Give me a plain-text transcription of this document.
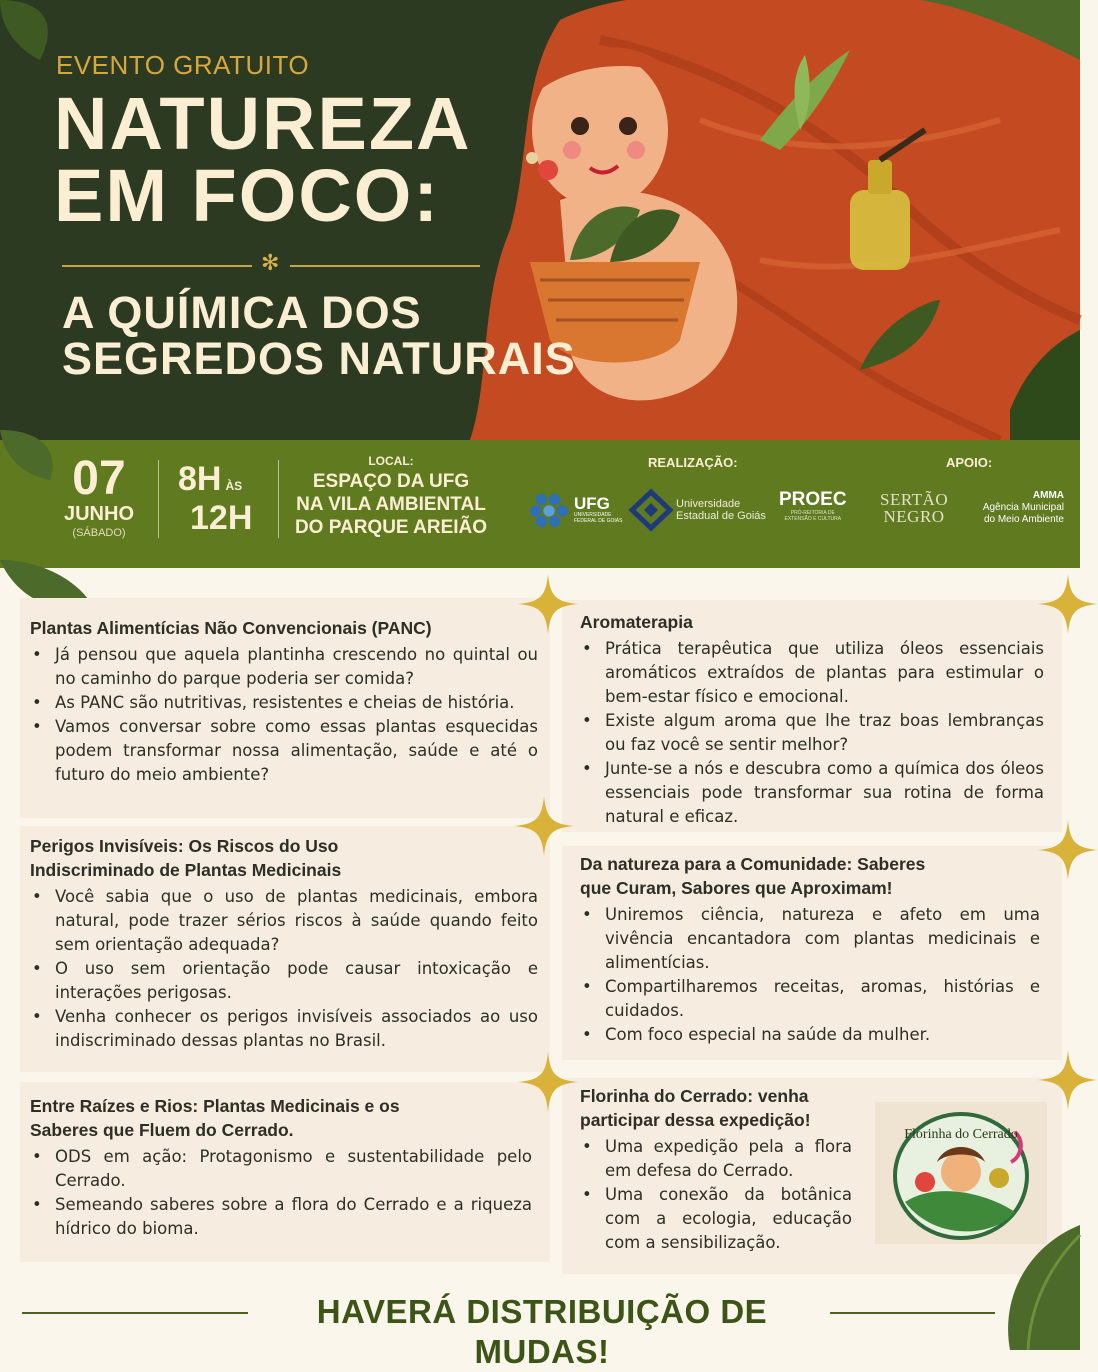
EVENTO GRATUITO
NATUREZA
EM FOCO:
✻
A QUÍMICA DOS
SEGREDOS NATURAIS
07
JUNHO
(SÁBADO)
8H ÀS
12H
LOCAL:
ESPAÇO DA UFG
NA VILA AMBIENTAL
DO PARQUE AREIÃO
REALIZAÇÃO:	APOIO:
UFG
UNIVERSIDADE
FEDERAL DE GOIÁS
Universidade
Estadual de Goiás
PROEC
PRÓ-REITORIA DE
EXTENSÃO E CULTURA
SERTÃO
NEGRO
AMMA
Agência Municipal
do Meio Ambiente
Plantas Alimentícias Não Convencionais (PANC)
• Já pensou que aquela plantinha crescendo no quintal ou no caminho do parque poderia ser comida?
• As PANC são nutritivas, resistentes e cheias de história.
• Vamos conversar sobre como essas plantas esquecidas podem transformar nossa alimentação, saúde e até o futuro do meio ambiente?
Perigos Invisíveis: Os Riscos do Uso
Indiscriminado de Plantas Medicinais
• Você sabia que o uso de plantas medicinais, embora natural, pode trazer sérios riscos à saúde quando feito sem orientação adequada?
• O uso sem orientação pode causar intoxicação e interações perigosas.
• Venha conhecer os perigos invisíveis associados ao uso indiscriminado dessas plantas no Brasil.
Entre Raízes e Rios: Plantas Medicinais e os
Saberes que Fluem do Cerrado.
• ODS em ação: Protagonismo e sustentabilidade pelo Cerrado.
• Semeando saberes sobre a flora do Cerrado e a riqueza hídrico do bioma.
Aromaterapia
• Prática terapêutica que utiliza óleos essenciais aromáticos extraídos de plantas para estimular o bem-estar físico e emocional.
• Existe algum aroma que lhe traz boas lembranças ou faz você se sentir melhor?
• Junte-se a nós e descubra como a química dos óleos essenciais pode transformar sua rotina de forma natural e eficaz.
Da natureza para a Comunidade: Saberes
que Curam, Sabores que Aproximam!
• Uniremos ciência, natureza e afeto em uma vivência encantadora com plantas medicinais e alimentícias.
• Compartilharemos receitas, aromas, histórias e cuidados.
• Com foco especial na saúde da mulher.
Florinha do Cerrado: venha
participar dessa expedição!
• Uma expedição pela a flora em defesa do Cerrado.
• Uma conexão da botânica com a ecologia, educação com a sensibilização.
Florinha do Cerrado
HAVERÁ DISTRIBUIÇÃO DE MUDAS!
